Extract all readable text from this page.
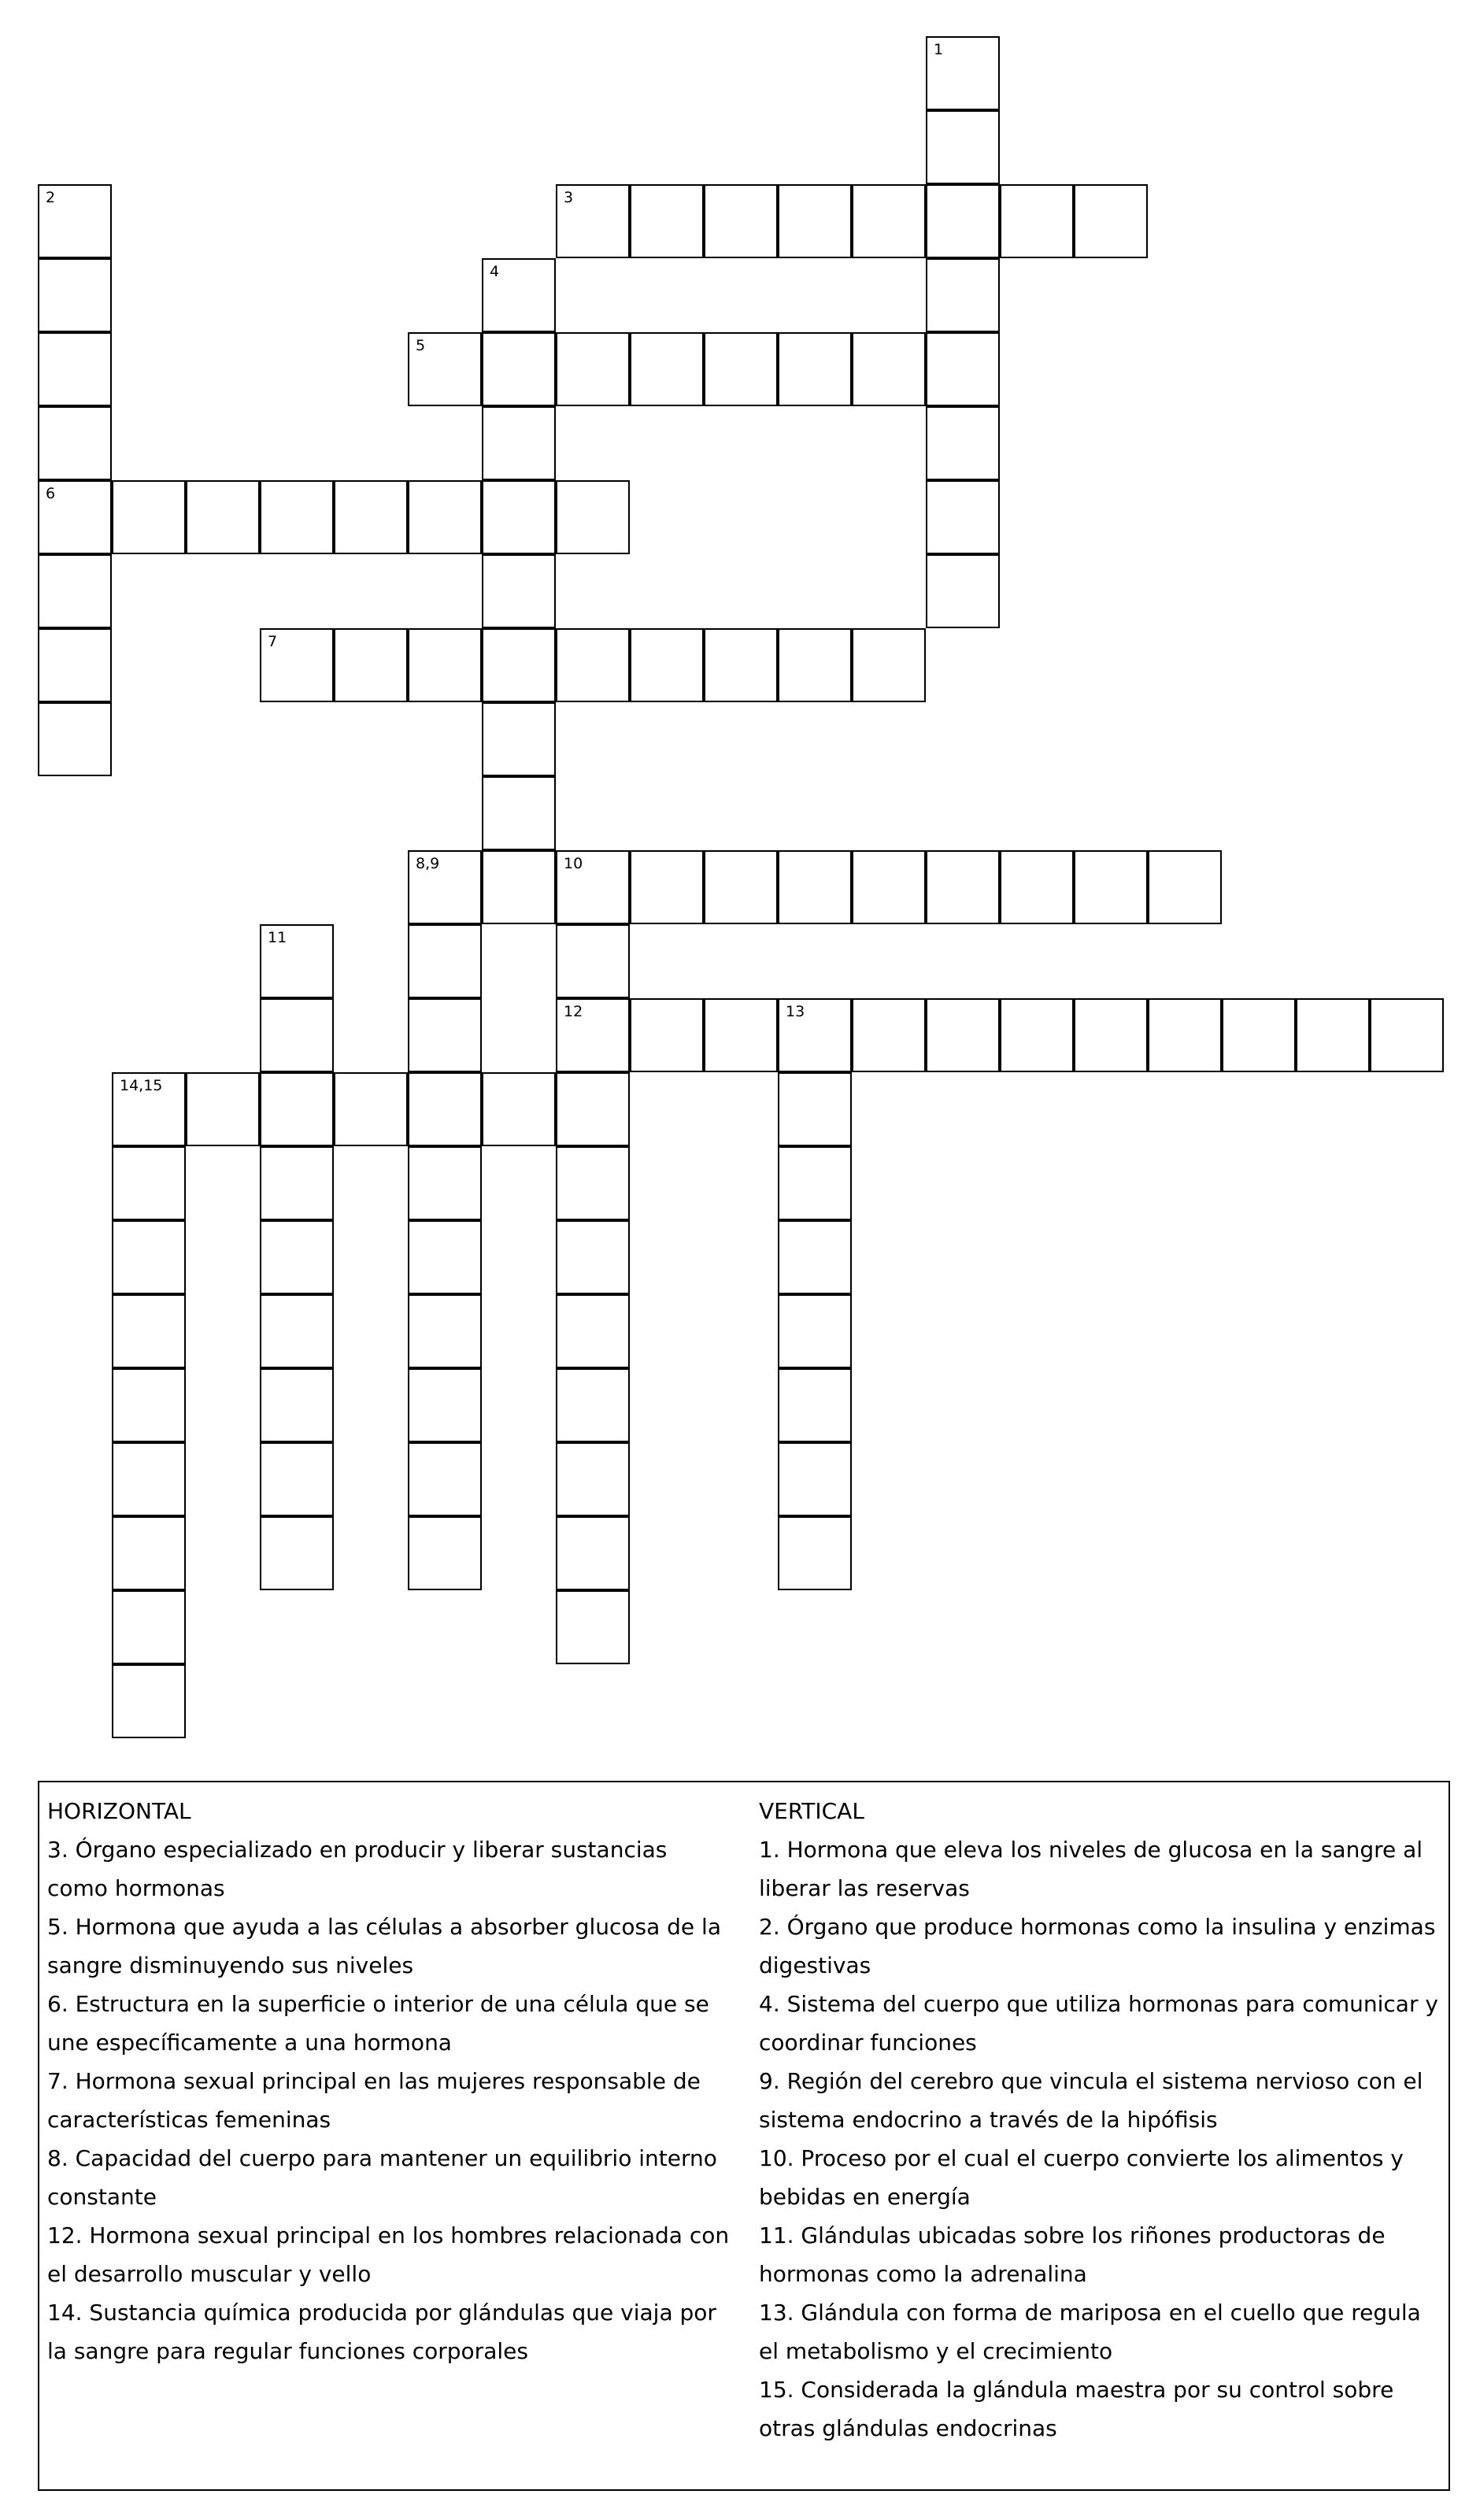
1
2	3
4
5
6
7
8,9	10
11
12	13
14,15

HORIZONTAL

3. Órgano especializado en producir y liberar sustancias como hormonas

5. Hormona que ayuda a las células a absorber glucosa de la sangre disminuyendo sus niveles

6. Estructura en la superficie o interior de una célula que se une específicamente a una hormona

7. Hormona sexual principal en las mujeres responsable de características femeninas

8. Capacidad del cuerpo para mantener un equilibrio interno constante

12. Hormona sexual principal en los hombres relacionada con el desarrollo muscular y vello

14. Sustancia química producida por glándulas que viaja por la sangre para regular funciones corporales

VERTICAL

1. Hormona que eleva los niveles de glucosa en la sangre al liberar las reservas

2. Órgano que produce hormonas como la insulina y enzimas digestivas

4. Sistema del cuerpo que utiliza hormonas para comunicar y coordinar funciones

9. Región del cerebro que vincula el sistema nervioso con el sistema endocrino a través de la hipófisis

10. Proceso por el cual el cuerpo convierte los alimentos y bebidas en energía

11. Glándulas ubicadas sobre los riñones productoras de hormonas como la adrenalina

13. Glándula con forma de mariposa en el cuello que regula el metabolismo y el crecimiento

15. Considerada la glándula maestra por su control sobre otras glándulas endocrinas
